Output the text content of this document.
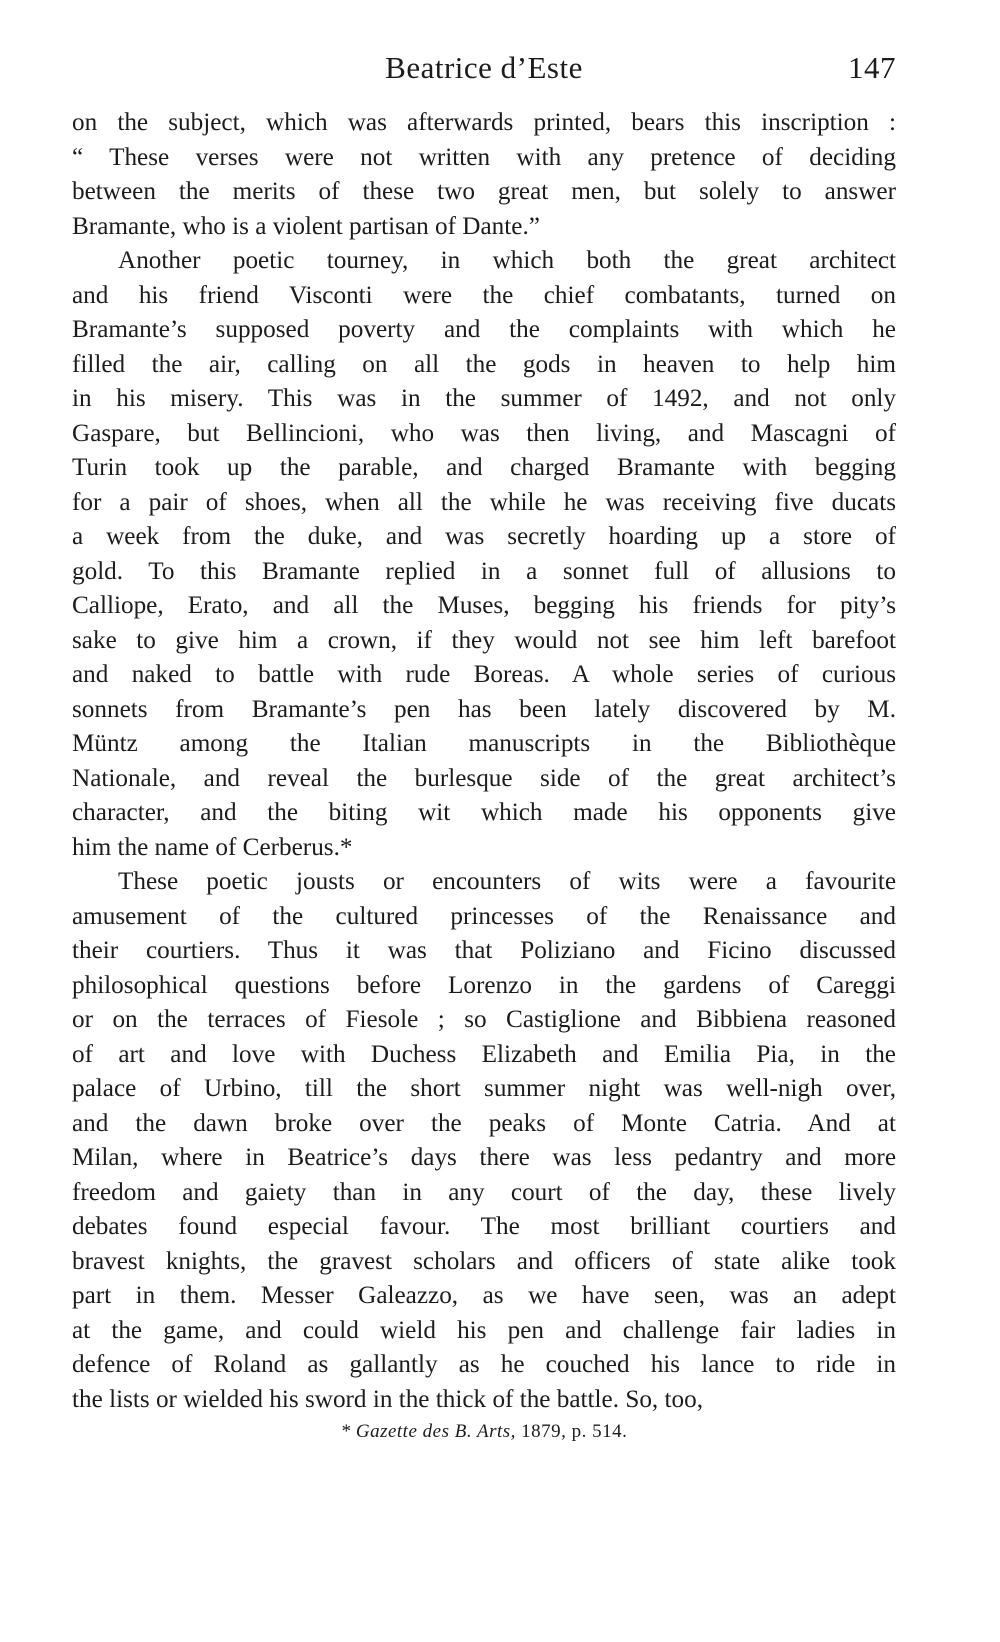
Beatrice d’Este	147
on the subject, which was afterwards printed, bears this inscription :
“ These verses were not written with any pretence of deciding
between the merits of these two great men, but solely to answer
Bramante, who is a violent partisan of Dante.”
Another poetic tourney, in which both the great architect
and his friend Visconti were the chief combatants, turned on
Bramante’s supposed poverty and the complaints with which he
filled the air, calling on all the gods in heaven to help him
in his misery. This was in the summer of 1492, and not only
Gaspare, but Bellincioni, who was then living, and Mascagni of
Turin took up the parable, and charged Bramante with begging
for a pair of shoes, when all the while he was receiving five ducats
a week from the duke, and was secretly hoarding up a store of
gold. To this Bramante replied in a sonnet full of allusions to
Calliope, Erato, and all the Muses, begging his friends for pity’s
sake to give him a crown, if they would not see him left barefoot
and naked to battle with rude Boreas. A whole series of curious
sonnets from Bramante’s pen has been lately discovered by M.
Müntz among the Italian manuscripts in the Bibliothèque
Nationale, and reveal the burlesque side of the great architect’s
character, and the biting wit which made his opponents give
him the name of Cerberus.*
These poetic jousts or encounters of wits were a favourite
amusement of the cultured princesses of the Renaissance and
their courtiers. Thus it was that Poliziano and Ficino discussed
philosophical questions before Lorenzo in the gardens of Careggi
or on the terraces of Fiesole ; so Castiglione and Bibbiena reasoned
of art and love with Duchess Elizabeth and Emilia Pia, in the
palace of Urbino, till the short summer night was well-nigh over,
and the dawn broke over the peaks of Monte Catria. And at
Milan, where in Beatrice’s days there was less pedantry and more
freedom and gaiety than in any court of the day, these lively
debates found especial favour. The most brilliant courtiers and
bravest knights, the gravest scholars and officers of state alike took
part in them. Messer Galeazzo, as we have seen, was an adept
at the game, and could wield his pen and challenge fair ladies in
defence of Roland as gallantly as he couched his lance to ride in
the lists or wielded his sword in the thick of the battle. So, too,
* Gazette des B. Arts, 1879, p. 514.
